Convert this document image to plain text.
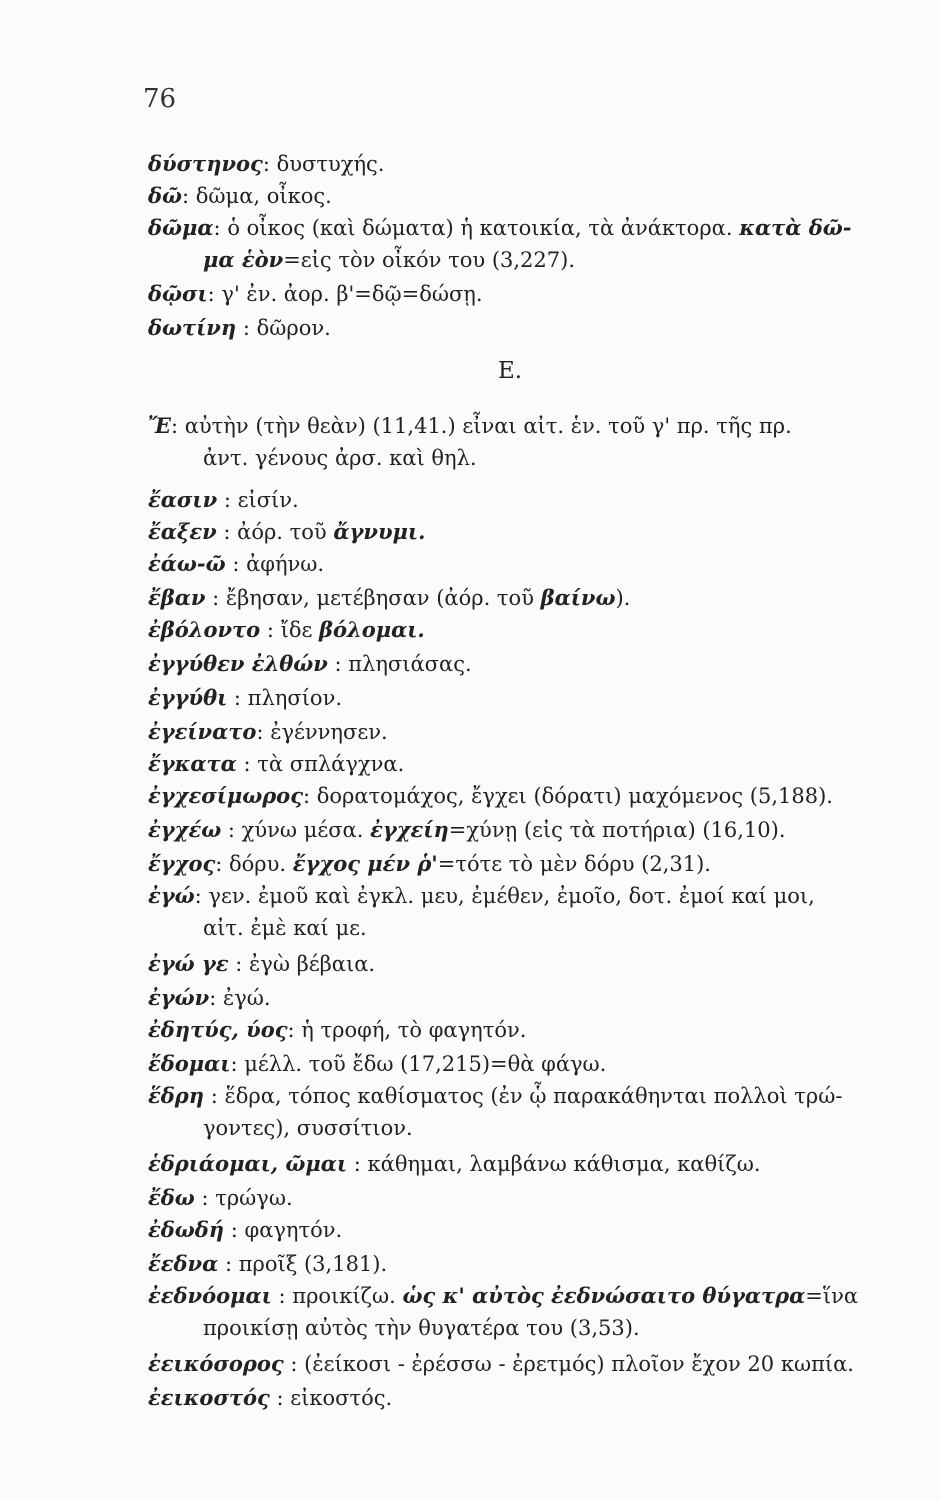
76
Ε.
δύστηνος: δυστυχής.
δῶ: δῶμα, οἶκος.
δῶμα: ὁ οἶκος (καὶ δώματα) ἡ κατοικία, τὰ ἀνάκτορα. κατὰ δῶ-
μα ἑὸν=εἰς τὸν οἶκόν του (3,227).
δῷσι: γ' ἐν. ἀορ. β'=δῷ=δώσῃ.
δωτίνη : δῶρον.
Ἔ: αὐτὴν (τὴν θεὰν) (11,41.) εἶναι αἰτ. ἑν. τοῦ γ' πρ. τῆς πρ.
ἀντ. γένους ἀρσ. καὶ θηλ.
ἔασιν : εἰσίν.
ἔαξεν : ἀόρ. τοῦ ἄγνυμι.
ἐάω-ῶ : ἀφήνω.
ἔβαν : ἔβησαν, μετέβησαν (ἀόρ. τοῦ βαίνω).
ἐβόλοντο : ἴδε βόλομαι.
ἐγγύθεν ἐλθών : πλησιάσας.
ἐγγύθι : πλησίον.
ἐγείνατο: ἐγέννησεν.
ἔγκατα : τὰ σπλάγχνα.
ἐγχεσίμωρος: δορατομάχος, ἔγχει (δόρατι) μαχόμενος (5,188).
ἐγχέω : χύνω μέσα. ἐγχείη=χύνῃ (εἰς τὰ ποτήρια) (16,10).
ἔγχος: δόρυ. ἔγχος μέν ῥ'=τότε τὸ μὲν δόρυ (2,31).
ἐγώ: γεν. ἐμοῦ καὶ ἐγκλ. μευ, ἐμέθεν, ἐμοῖο, δοτ. ἐμοί καί μοι,
αἰτ. ἐμὲ καί με.
ἐγώ γε : ἐγὼ βέβαια.
ἐγών: ἐγώ.
ἐδητύς, ύος: ἡ τροφή, τὸ φαγητόν.
ἔδομαι: μέλλ. τοῦ ἔδω (17,215)=θὰ φάγω.
ἕδρη : ἕδρα, τόπος καθίσματος (ἐν ᾧ παρακάθηνται πολλοὶ τρώ-
γοντες), συσσίτιον.
ἑδριάομαι, ῶμαι : κάθημαι, λαμβάνω κάθισμα, καθίζω.
ἔδω : τρώγω.
ἐδωδή : φαγητόν.
ἔεδνα : προῖξ (3,181).
ἐεδνόομαι : προικίζω. ὡς κ' αὐτὸς ἐεδνώσαιτο θύγατρα=ἵνα
προικίσῃ αὐτὸς τὴν θυγατέρα του (3,53).
ἐεικόσορος : (ἐείκοσι - ἐρέσσω - ἐρετμός) πλοῖον ἔχον 20 κωπία.
ἐεικοστός : εἰκοστός.
